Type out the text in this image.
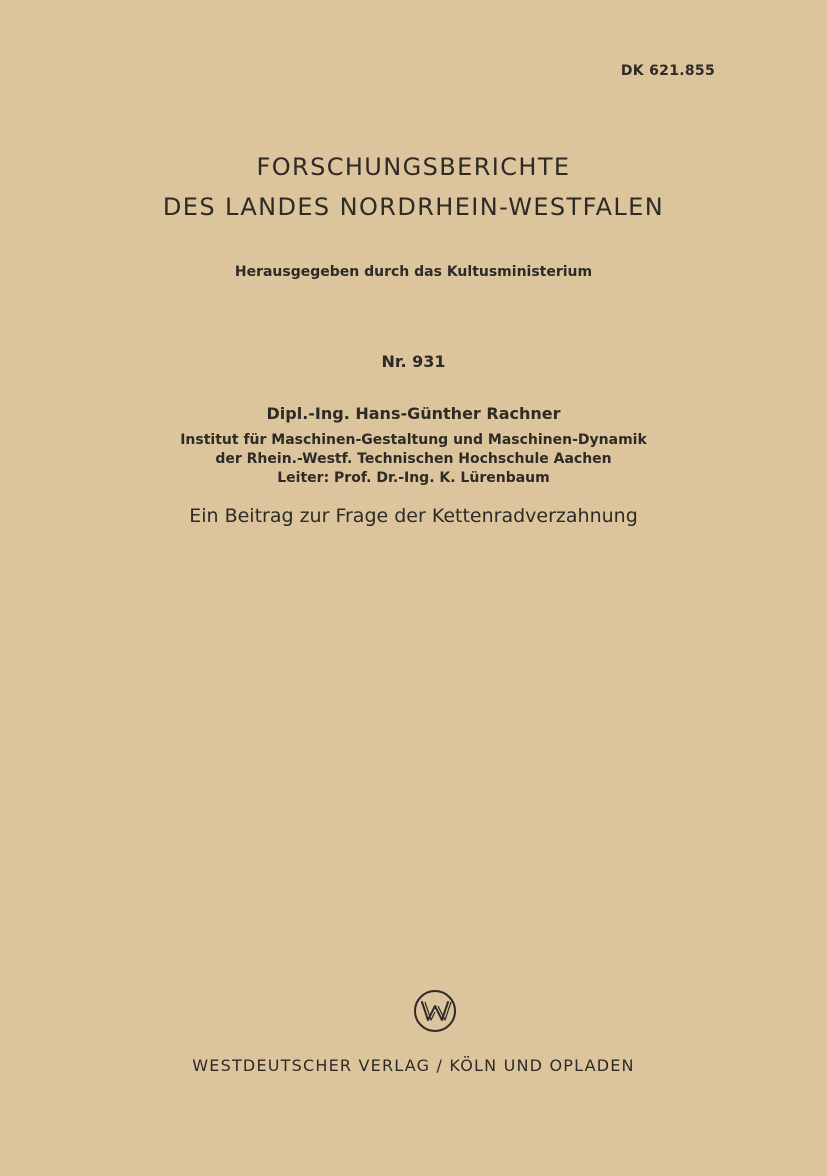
DK 621.855
FORSCHUNGSBERICHTE
DES LANDES NORDRHEIN-WESTFALEN
Herausgegeben durch das Kultusministerium
Nr. 931
Dipl.-Ing. Hans-Günther Rachner
Institut für Maschinen-Gestaltung und Maschinen-Dynamik
der Rhein.-Westf. Technischen Hochschule Aachen
Leiter: Prof. Dr.-Ing. K. Lürenbaum
Ein Beitrag zur Frage der Kettenradverzahnung
WESTDEUTSCHER VERLAG / KÖLN UND OPLADEN
